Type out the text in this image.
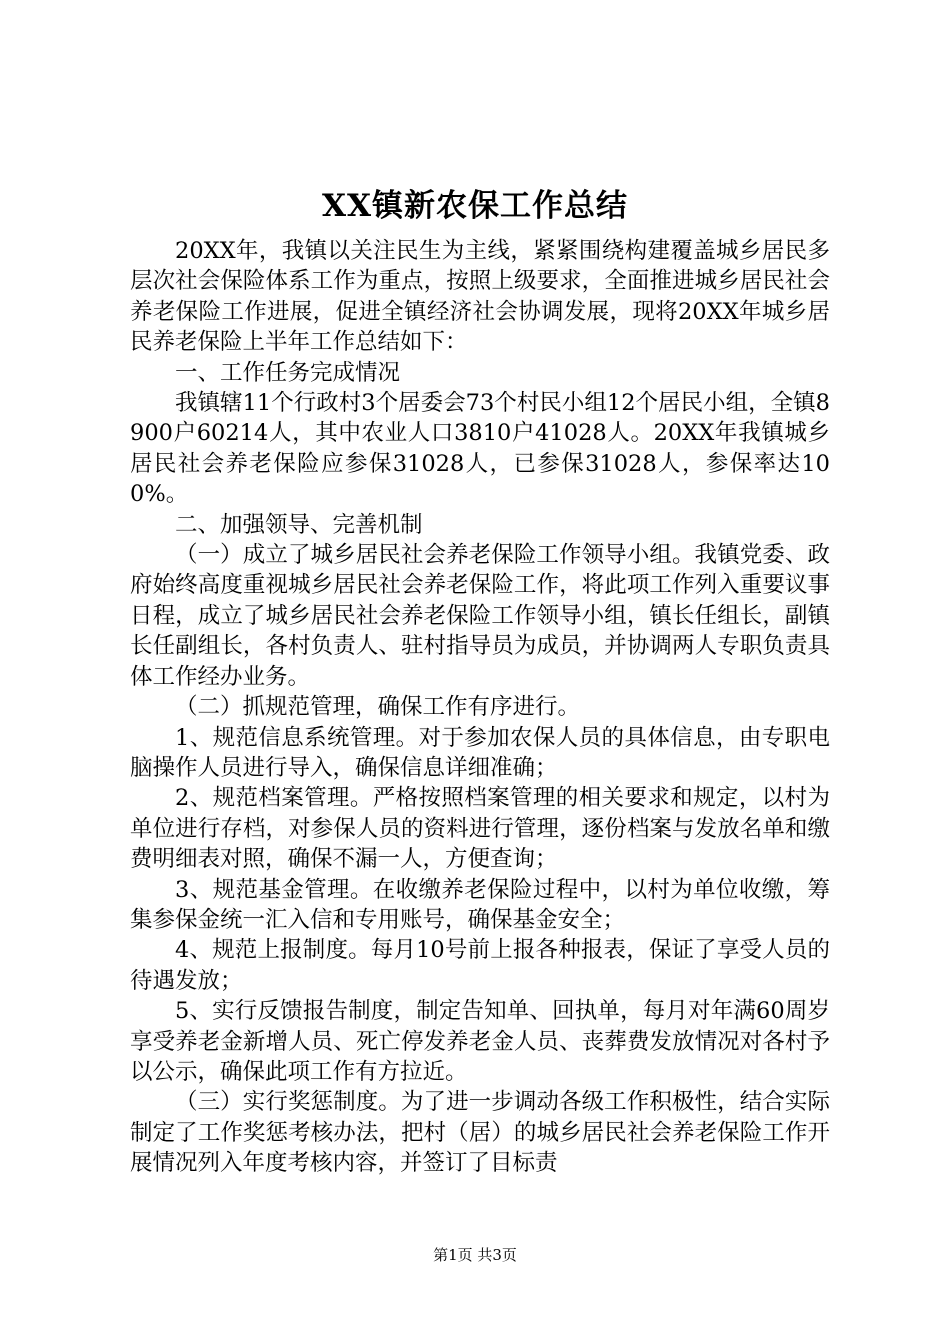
XX镇新农保工作总结

20XX年，我镇以关注民生为主线，紧紧围绕构建覆盖城乡居民多层次社会保险体系工作为重点，按照上级要求，全面推进城乡居民社会养老保险工作进展，促进全镇经济社会协调发展，现将20XX年城乡居民养老保险上半年工作总结如下：

一、工作任务完成情况

我镇辖11个行政村3个居委会73个村民小组12个居民小组，全镇8900户60214人，其中农业人口3810户41028人。20XX年我镇城乡居民社会养老保险应参保31028人，已参保31028人，参保率达100%。

二、加强领导、完善机制

（一）成立了城乡居民社会养老保险工作领导小组。我镇党委、政府始终高度重视城乡居民社会养老保险工作，将此项工作列入重要议事日程，成立了城乡居民社会养老保险工作领导小组，镇长任组长，副镇长任副组长，各村负责人、驻村指导员为成员，并协调两人专职负责具体工作经办业务。

（二）抓规范管理，确保工作有序进行。

1、规范信息系统管理。对于参加农保人员的具体信息，由专职电脑操作人员进行导入，确保信息详细准确；

2、规范档案管理。严格按照档案管理的相关要求和规定，以村为单位进行存档，对参保人员的资料进行管理，逐份档案与发放名单和缴费明细表对照，确保不漏一人，方便查询；

3、规范基金管理。在收缴养老保险过程中，以村为单位收缴，筹集参保金统一汇入信和专用账号，确保基金安全；

4、规范上报制度。每月10号前上报各种报表，保证了享受人员的待遇发放；

5、实行反馈报告制度，制定告知单、回执单，每月对年满60周岁享受养老金新增人员、死亡停发养老金人员、丧葬费发放情况对各村予以公示，确保此项工作有方拉近。

（三）实行奖惩制度。为了进一步调动各级工作积极性，结合实际制定了工作奖惩考核办法，把村（居）的城乡居民社会养老保险工作开展情况列入年度考核内容，并签订了目标责

第1页 共3页
